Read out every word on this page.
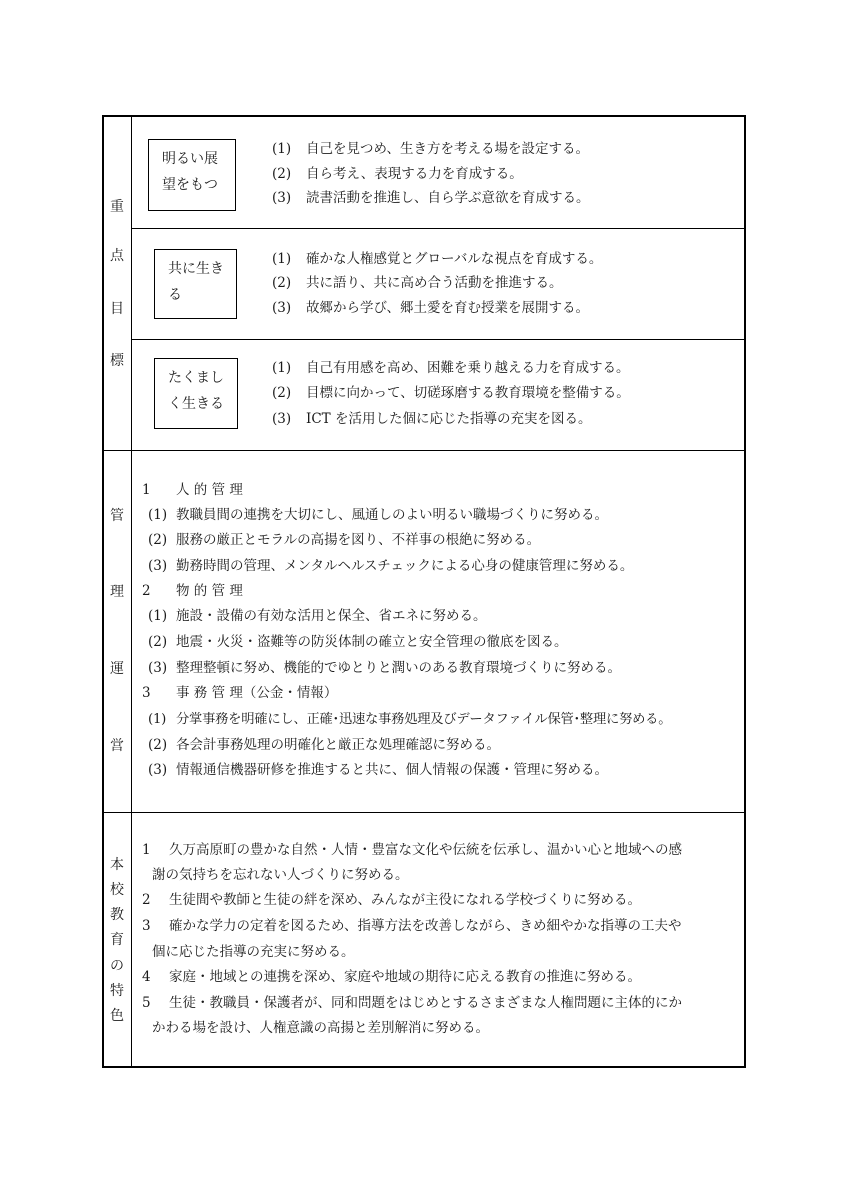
重
点
目
標
管
理
運
営
本
校
教
育
の
特
色
明るい展
望をもつ
(1) 自己を見つめ、生き方を考える場を設定する。
(2) 自ら考え、表現する力を育成する。
(3) 読書活動を推進し、自ら学ぶ意欲を育成する。
共に生き
る
(1) 確かな人権感覚とグローバルな視点を育成する。
(2) 共に語り、共に高め合う活動を推進する。
(3) 故郷から学び、郷土愛を育む授業を展開する。
たくまし
く生きる
(1) 自己有用感を高め、困難を乗り越える力を育成する。
(2) 目標に向かって、切磋琢磨する教育環境を整備する。
(3) ICT を活用した個に応じた指導の充実を図る。
1 人 的 管 理
(1) 教職員間の連携を大切にし、風通しのよい明るい職場づくりに努める。
(2) 服務の厳正とモラルの高揚を図り、不祥事の根絶に努める。
(3) 勤務時間の管理、メンタルヘルスチェックによる心身の健康管理に努める。
2 物 的 管 理
(1) 施設・設備の有効な活用と保全、省エネに努める。
(2) 地震・火災・盗難等の防災体制の確立と安全管理の徹底を図る。
(3) 整理整頓に努め、機能的でゆとりと潤いのある教育環境づくりに努める。
3 事 務 管 理（公金・情報）
(1) 分掌事務を明確にし、正確･迅速な事務処理及びデータファイル保管･整理に努める。
(2) 各会計事務処理の明確化と厳正な処理確認に努める。
(3) 情報通信機器研修を推進すると共に、個人情報の保護・管理に努める。
1 久万高原町の豊かな自然・人情・豊富な文化や伝統を伝承し、温かい心と地域への感
謝の気持ちを忘れない人づくりに努める。
2 生徒間や教師と生徒の絆を深め、みんなが主役になれる学校づくりに努める。
3 確かな学力の定着を図るため、指導方法を改善しながら、きめ細やかな指導の工夫や
個に応じた指導の充実に努める。
4 家庭・地域との連携を深め、家庭や地域の期待に応える教育の推進に努める。
5 生徒・教職員・保護者が、同和問題をはじめとするさまざまな人権問題に主体的にか
かわる場を設け、人権意識の高揚と差別解消に努める。
